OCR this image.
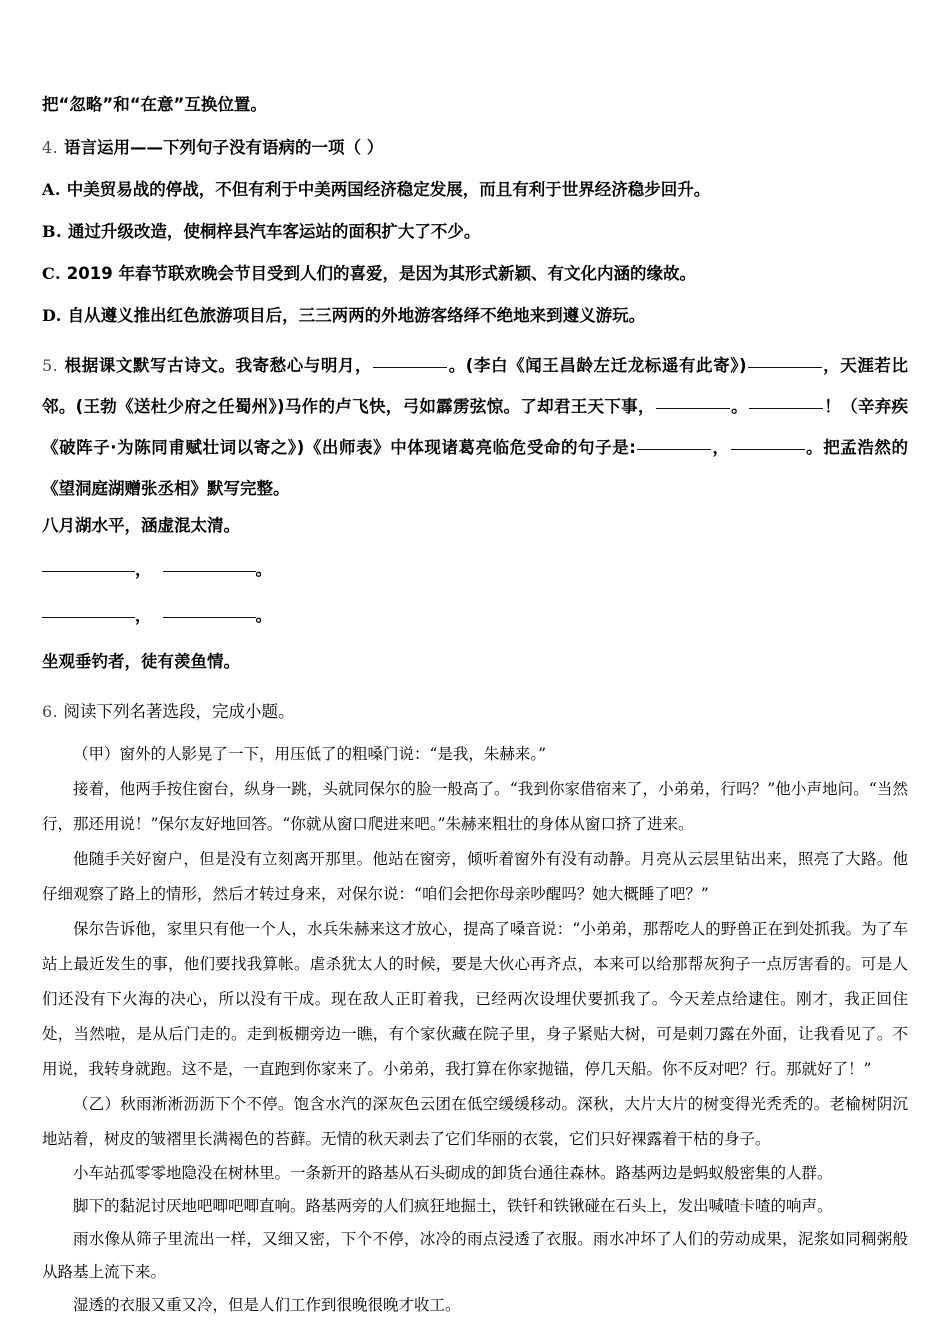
把“忽略”和“在意”互换位置。

4. 语言运用——下列句子没有语病的一项（ ）

A. 中美贸易战的停战，不但有利于中美两国经济稳定发展，而且有利于世界经济稳步回升。

B. 通过升级改造，使桐梓县汽车客运站的面积扩大了不少。

C. 2019 年春节联欢晚会节目受到人们的喜爱，是因为其形式新颖、有文化内涵的缘故。

D. 自从遵义推出红色旅游项目后，三三两两的外地游客络绎不绝地来到遵义游玩。

5. 根据课文默写古诗文。我寄愁心与明月，	。(李白《闻王昌龄左迁龙标遥有此寄》)	，天涯若比邻。(王勃《送杜少府之任蜀州》)马作的卢飞快，弓如霹雳弦惊。了却君王天下事，	。	！（辛弃疾《破阵子·为陈同甫赋壮词以寄之》)《出师表》中体现诸葛亮临危受命的句子是:	，	。把孟浩然的《望洞庭湖赠张丞相》默写完整。

八月湖水平，涵虚混太清。

，	。

，	。

坐观垂钓者，徒有羡鱼情。

6. 阅读下列名著选段，完成小题。

（甲）窗外的人影晃了一下，用压低了的粗嗓门说：“是我，朱赫来。”

接着，他两手按住窗台，纵身一跳，头就同保尔的脸一般高了。“我到你家借宿来了，小弟弟，行吗？”他小声地问。“当然行，那还用说！”保尔友好地回答。“你就从窗口爬进来吧。”朱赫来粗壮的身体从窗口挤了进来。

他随手关好窗户，但是没有立刻离开那里。他站在窗旁，倾听着窗外有没有动静。月亮从云层里钻出来，照亮了大路。他仔细观察了路上的情形，然后才转过身来，对保尔说：“咱们会把你母亲吵醒吗？她大概睡了吧？”

保尔告诉他，家里只有他一个人，水兵朱赫来这才放心，提高了嗓音说：“小弟弟，那帮吃人的野兽正在到处抓我。为了车站上最近发生的事，他们要找我算帐。虐杀犹太人的时候，要是大伙心再齐点，本来可以给那帮灰狗子一点厉害看的。可是人们还没有下火海的决心，所以没有干成。现在敌人正盯着我，已经两次设埋伏要抓我了。今天差点给逮住。刚才，我正回住处，当然啦，是从后门走的。走到板棚旁边一瞧，有个家伙藏在院子里，身子紧贴大树，可是刺刀露在外面，让我看见了。不用说，我转身就跑。这不是，一直跑到你家来了。小弟弟，我打算在你家抛锚，停几天船。你不反对吧？行。那就好了！”

（乙）秋雨淅淅沥沥下个不停。饱含水汽的深灰色云团在低空缓缓移动。深秋，大片大片的树变得光秃秃的。老榆树阴沉地站着，树皮的皱褶里长满褐色的苔藓。无情的秋天剥去了它们华丽的衣裳，它们只好裸露着干枯的身子。

小车站孤零零地隐没在树林里。一条新开的路基从石头砌成的卸货台通往森林。路基两边是蚂蚁般密集的人群。

脚下的黏泥讨厌地吧唧吧唧直响。路基两旁的人们疯狂地掘土，铁钎和铁锹碰在石头上，发出喊喳卡喳的响声。

雨水像从筛子里流出一样，又细又密，下个不停，冰冷的雨点浸透了衣服。雨水冲坏了人们的劳动成果，泥浆如同稠粥般从路基上流下来。

湿透的衣服又重又冷，但是人们工作到很晚很晚才收工。
